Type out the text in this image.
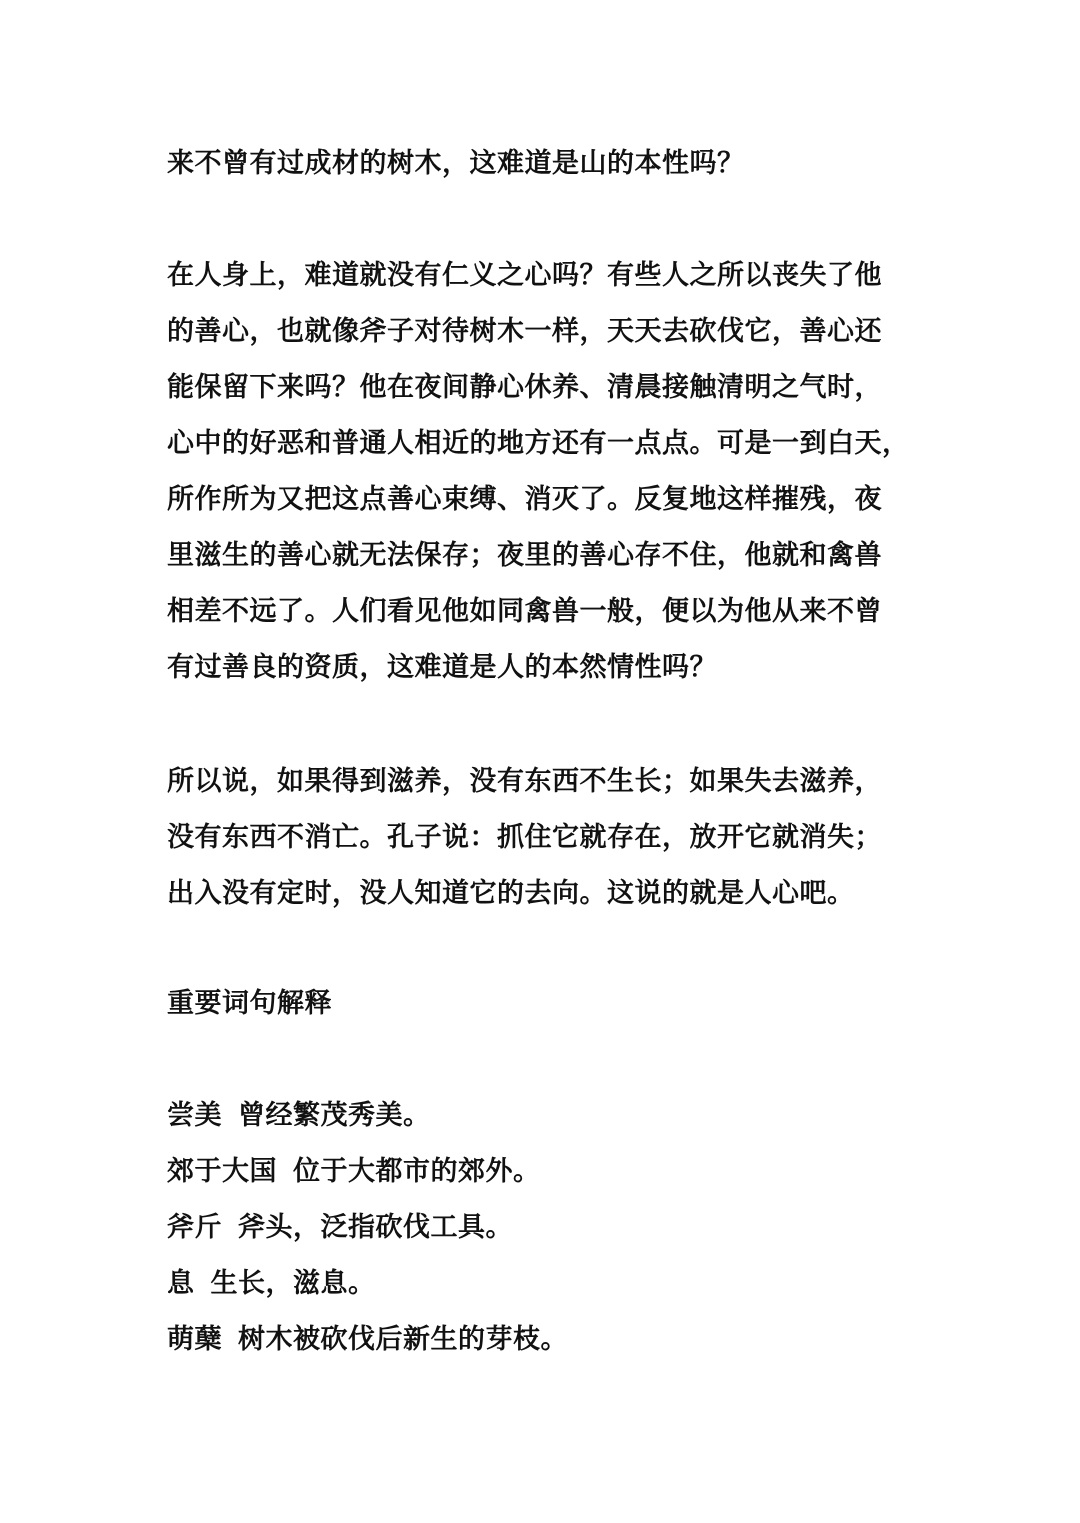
来不曾有过成材的树木，这难道是山的本性吗？

在人身上，难道就没有仁义之心吗？有些人之所以丧失了他

的善心，也就像斧子对待树木一样，天天去砍伐它，善心还

能保留下来吗？他在夜间静心休养、清晨接触清明之气时，

心中的好恶和普通人相近的地方还有一点点。可是一到白天，

所作所为又把这点善心束缚、消灭了。反复地这样摧残，夜

里滋生的善心就无法保存；夜里的善心存不住，他就和禽兽

相差不远了。人们看见他如同禽兽一般，便以为他从来不曾

有过善良的资质，这难道是人的本然情性吗？

所以说，如果得到滋养，没有东西不生长；如果失去滋养，

没有东西不消亡。孔子说：抓住它就存在，放开它就消失；

出入没有定时，没人知道它的去向。这说的就是人心吧。

重要词句解释

尝美 曾经繁茂秀美。

郊于大国 位于大都市的郊外。

斧斤 斧头，泛指砍伐工具。

息 生长，滋息。

萌蘖 树木被砍伐后新生的芽枝。
